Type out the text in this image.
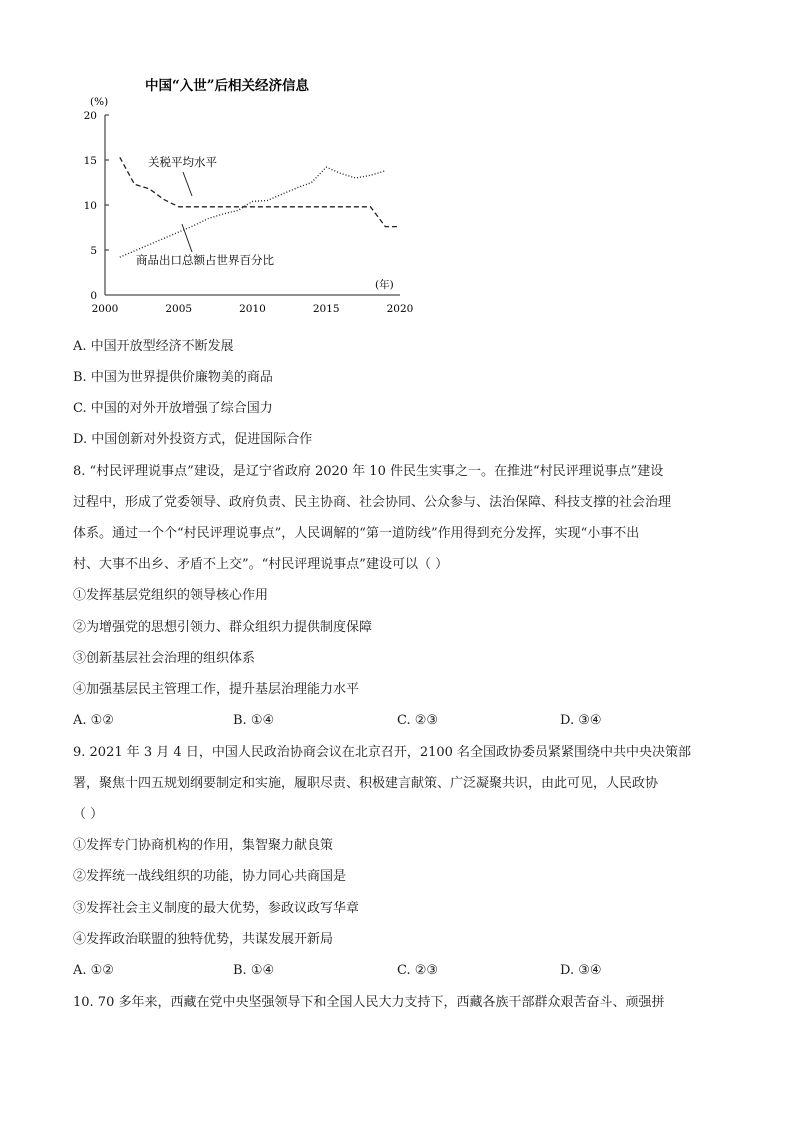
中国“入世”后相关经济信息
(%)
(年)
0
5
10
15
20
2000	2005	2010	2015	2020
关税平均水平
商品出口总额占世界百分比
A. 中国开放型经济不断发展
B. 中国为世界提供价廉物美的商品
C. 中国的对外开放增强了综合国力
D. 中国创新对外投资方式，促进国际合作
8. “村民评理说事点”建设，是辽宁省政府 2020 年 10 件民生实事之一。在推进“村民评理说事点”建设
过程中，形成了党委领导、政府负责、民主协商、社会协同、公众参与、法治保障、科技支撑的社会治理
体系。通过一个个“村民评理说事点”，人民调解的“第一道防线”作用得到充分发挥，实现“小事不出
村、大事不出乡、矛盾不上交”。“村民评理说事点”建设可以（ ）
①发挥基层党组织的领导核心作用
②为增强党的思想引领力、群众组织力提供制度保障
③创新基层社会治理的组织体系
④加强基层民主管理工作，提升基层治理能力水平
A. ①②	B. ①④	C. ②③	D. ③④
9. 2021 年 3 月 4 日，中国人民政治协商会议在北京召开，2100 名全国政协委员紧紧围绕中共中央决策部
署，聚焦十四五规划纲要制定和实施，履职尽责、积极建言献策、广泛凝聚共识，由此可见，人民政协
（ ）
①发挥专门协商机构的作用，集智聚力献良策
②发挥统一战线组织的功能，协力同心共商国是
③发挥社会主义制度的最大优势，参政议政写华章
④发挥政治联盟的独特优势，共谋发展开新局
A. ①②	B. ①④	C. ②③	D. ③④
10. 70 多年来，西藏在党中央坚强领导下和全国人民大力支持下，西藏各族干部群众艰苦奋斗、顽强拼
